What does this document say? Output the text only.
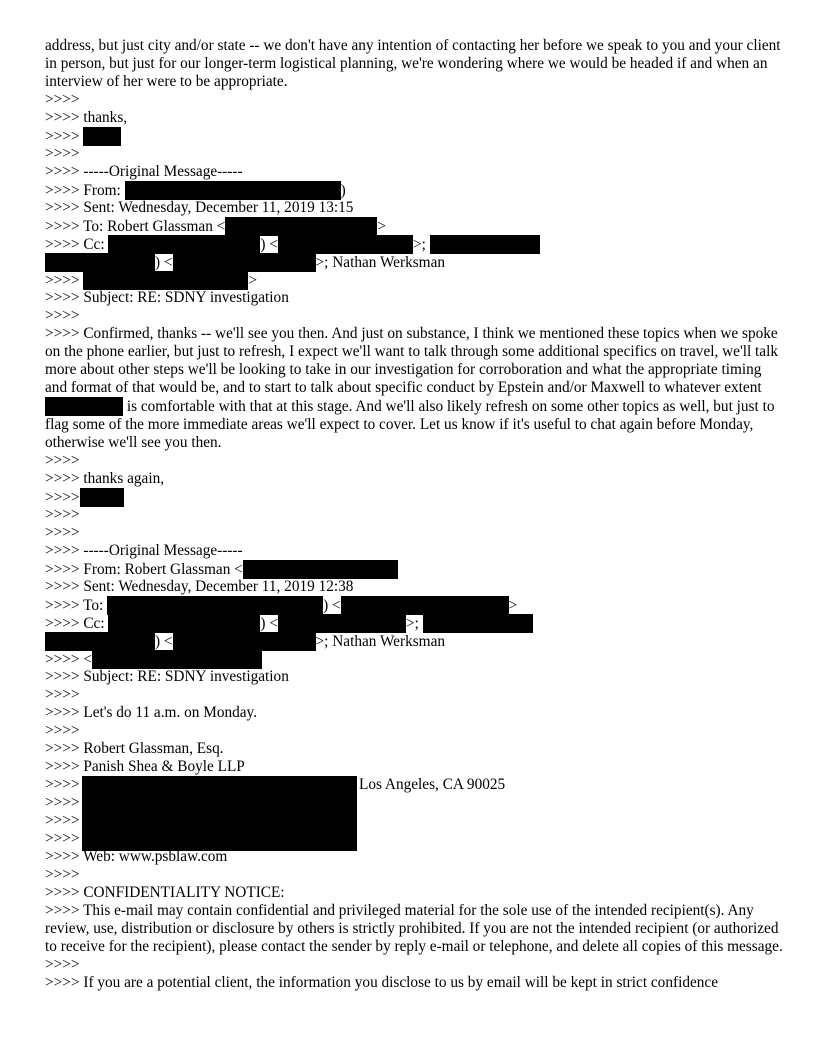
address, but just city and/or state -- we don't have any intention of contacting her before we speak to you and your client in person, but just for our longer-term logistical planning, we're wondering where we would be headed if and when an interview of her were to be appropriate.
>>>>
>>>> thanks,
>>>>
>>>>
>>>> -----Original Message-----
>>>> From:	)
>>>> Sent: Wednesday, December 11, 2019 13:15
>>>> To: Robert Glassman <	>
>>>> Cc:	) <	>;
) <	>; Nathan Werksman
>>>>	>
>>>> Subject: RE: SDNY investigation
>>>>
>>>> Confirmed, thanks -- we'll see you then. And just on substance, I think we mentioned these topics when we spoke on the phone earlier, but just to refresh, I expect we'll want to talk through some additional specifics on travel, we'll talk more about other steps we'll be looking to take in our investigation for corroboration and what the appropriate timing and format of that would be, and to start to talk about specific conduct by Epstein and/or Maxwell to whatever extent  is comfortable with that at this stage. And we'll also likely refresh on some other topics as well, but just to flag some of the more immediate areas we'll expect to cover. Let us know if it's useful to chat again before Monday, otherwise we'll see you then.
>>>>
>>>> thanks again,
>>>>
>>>>
>>>>
>>>> -----Original Message-----
>>>> From: Robert Glassman <
>>>> Sent: Wednesday, December 11, 2019 12:38
>>>> To:	) <	>
>>>> Cc:	) <	>;
) <	>; Nathan Werksman
>>>> <
>>>> Subject: RE: SDNY investigation
>>>>
>>>> Let's do 11 a.m. on Monday.
>>>>
>>>> Robert Glassman, Esq.
>>>> Panish Shea & Boyle LLP
>>>>	Los Angeles, CA 90025
>>>>
>>>>
>>>>
>>>> Web: www.psblaw.com
>>>>
>>>> CONFIDENTIALITY NOTICE:
>>>> This e-mail may contain confidential and privileged material for the sole use of the intended recipient(s). Any review, use, distribution or disclosure by others is strictly prohibited. If you are not the intended recipient (or authorized to receive for the recipient), please contact the sender by reply e-mail or telephone, and delete all copies of this message.
>>>>
>>>> If you are a potential client, the information you disclose to us by email will be kept in strict confidence
